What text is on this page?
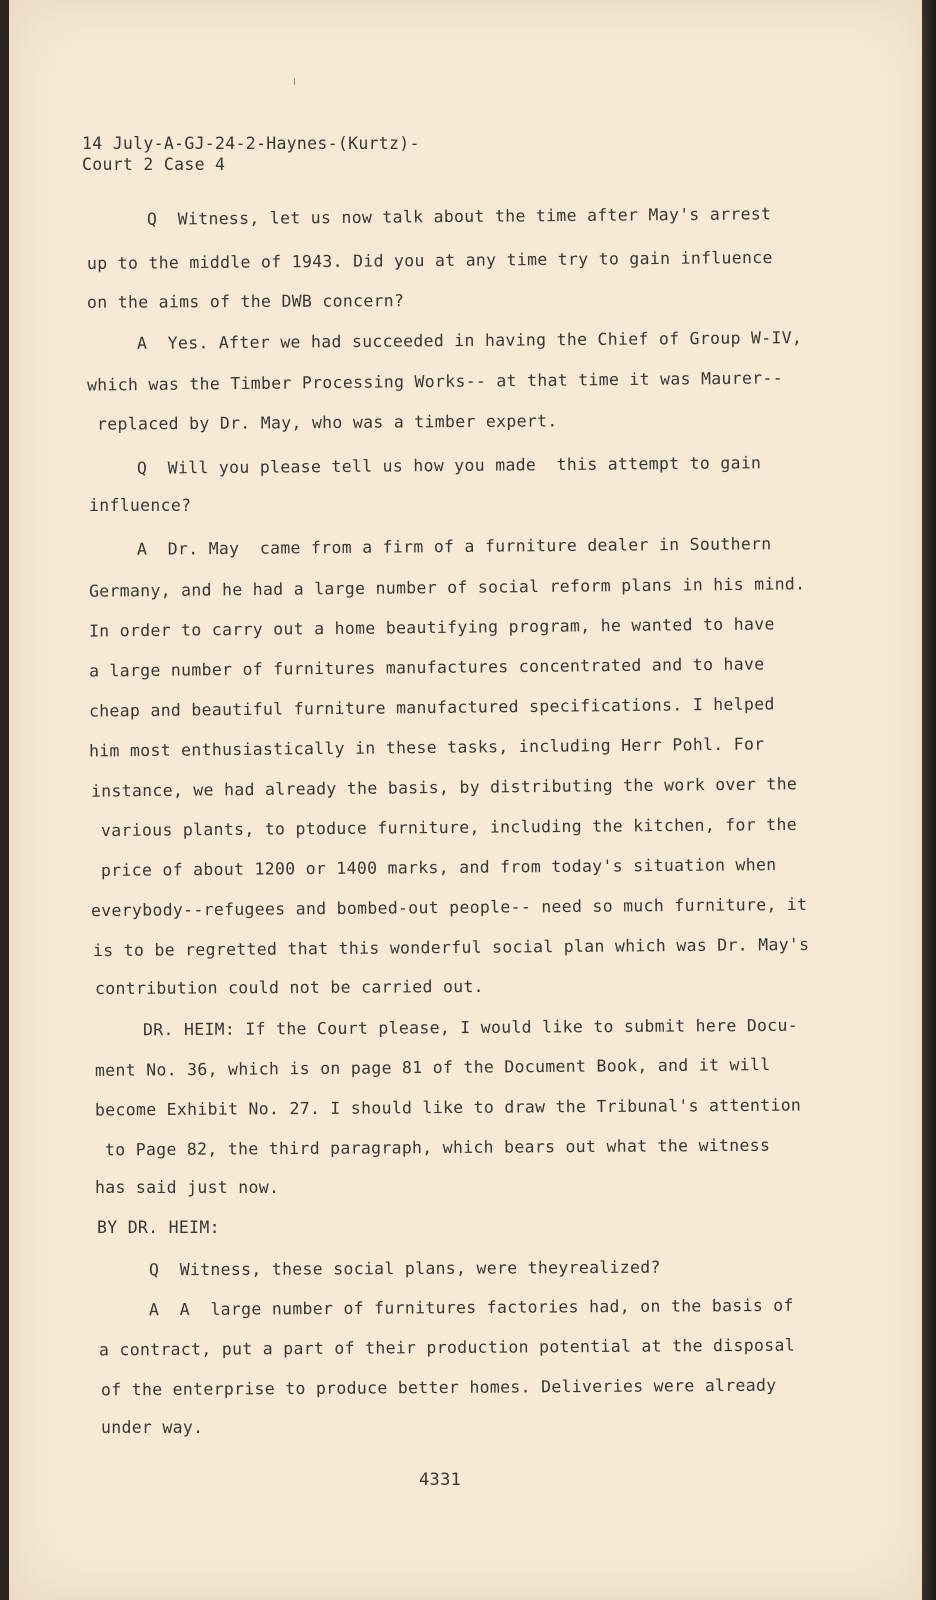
14 July-A-GJ-24-2-Haynes-(Kurtz)-
Court 2 Case 4
Q  Witness, let us now talk about the time after May's arrest
up to the middle of 1943. Did you at any time try to gain influence
on the aims of the DWB concern?
A  Yes. After we had succeeded in having the Chief of Group W-IV,
which was the Timber Processing Works-- at that time it was Maurer--
replaced by Dr. May, who was a timber expert.
Q  Will you please tell us how you made  this attempt to gain
influence?
A  Dr. May  came from a firm of a furniture dealer in Southern
Germany, and he had a large number of social reform plans in his mind.
In order to carry out a home beautifying program, he wanted to have
a large number of furnitures manufactures concentrated and to have
cheap and beautiful furniture manufactured specifications. I helped
him most enthusiastically in these tasks, including Herr Pohl. For
instance, we had already the basis, by distributing the work over the
various plants, to ptoduce furniture, including the kitchen, for the
price of about 1200 or 1400 marks, and from today's situation when
everybody--refugees and bombed-out people-- need so much furniture, it
is to be regretted that this wonderful social plan which was Dr. May's
contribution could not be carried out.
DR. HEIM: If the Court please, I would like to submit here Docu-
ment No. 36, which is on page 81 of the Document Book, and it will
become Exhibit No. 27. I should like to draw the Tribunal's attention
to Page 82, the third paragraph, which bears out what the witness
has said just now.
BY DR. HEIM:
Q  Witness, these social plans, were theyrealized?
A  A  large number of furnitures factories had, on the basis of
a contract, put a part of their production potential at the disposal
of the enterprise to produce better homes. Deliveries were already
under way.
4331
